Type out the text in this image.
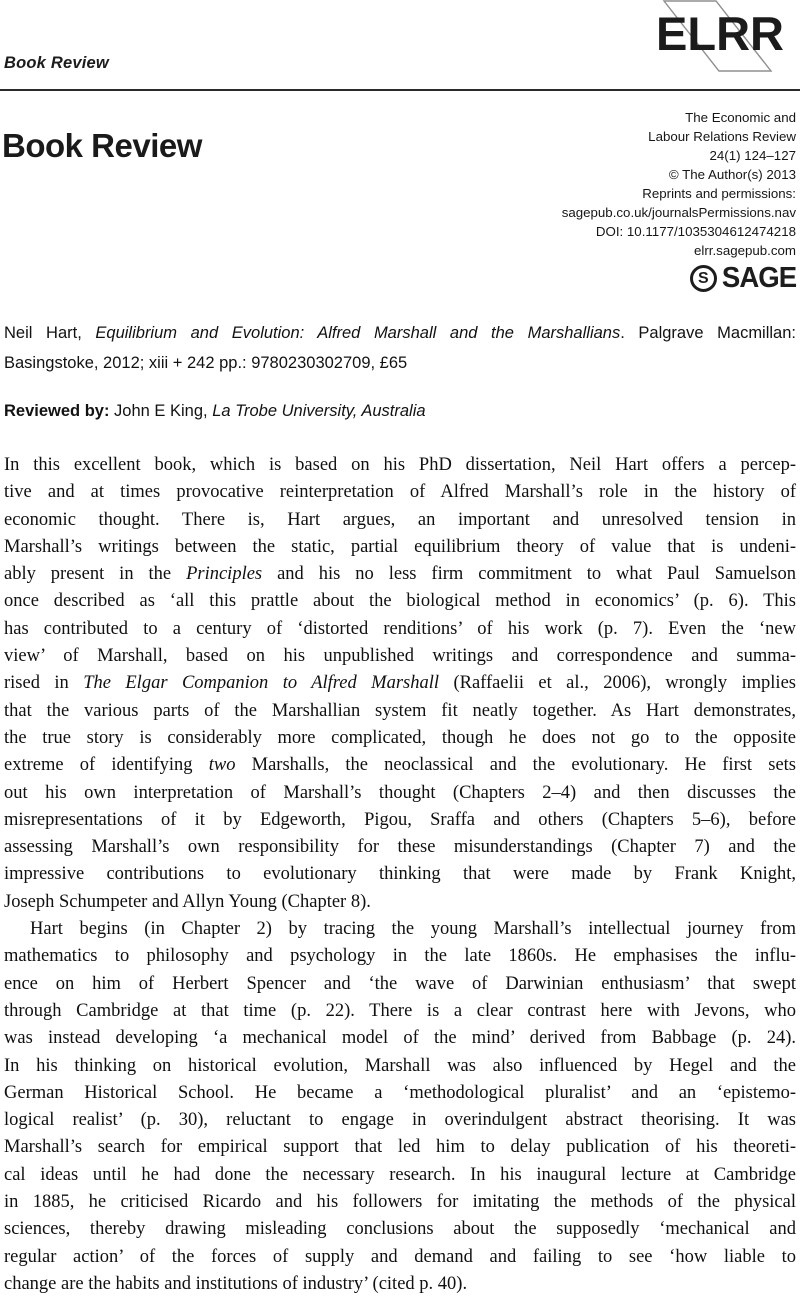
Book Review
ELRR
Book Review
The Economic and
Labour Relations Review
24(1) 124–127
© The Author(s) 2013
Reprints and permissions:
sagepub.co.uk/journalsPermissions.nav
DOI: 10.1177/1035304612474218
elrr.sagepub.com
S SAGE
Neil Hart, Equilibrium and Evolution: Alfred Marshall and the Marshallians. Palgrave Macmillan:
Basingstoke, 2012; xiii + 242 pp.: 9780230302709, £65
Reviewed by: John E King, La Trobe University, Australia
In this excellent book, which is based on his PhD dissertation, Neil Hart offers a percep-
tive and at times provocative reinterpretation of Alfred Marshall’s role in the history of
economic thought. There is, Hart argues, an important and unresolved tension in
Marshall’s writings between the static, partial equilibrium theory of value that is undeni-
ably present in the Principles and his no less firm commitment to what Paul Samuelson
once described as ‘all this prattle about the biological method in economics’ (p. 6). This
has contributed to a century of ‘distorted renditions’ of his work (p. 7). Even the ‘new
view’ of Marshall, based on his unpublished writings and correspondence and summa-
rised in The Elgar Companion to Alfred Marshall (Raffaelii et al., 2006), wrongly implies
that the various parts of the Marshallian system fit neatly together. As Hart demonstrates,
the true story is considerably more complicated, though he does not go to the opposite
extreme of identifying two Marshalls, the neoclassical and the evolutionary. He first sets
out his own interpretation of Marshall’s thought (Chapters 2–4) and then discusses the
misrepresentations of it by Edgeworth, Pigou, Sraffa and others (Chapters 5–6), before
assessing Marshall’s own responsibility for these misunderstandings (Chapter 7) and the
impressive contributions to evolutionary thinking that were made by Frank Knight,
Joseph Schumpeter and Allyn Young (Chapter 8).
Hart begins (in Chapter 2) by tracing the young Marshall’s intellectual journey from
mathematics to philosophy and psychology in the late 1860s. He emphasises the influ-
ence on him of Herbert Spencer and ‘the wave of Darwinian enthusiasm’ that swept
through Cambridge at that time (p. 22). There is a clear contrast here with Jevons, who
was instead developing ‘a mechanical model of the mind’ derived from Babbage (p. 24).
In his thinking on historical evolution, Marshall was also influenced by Hegel and the
German Historical School. He became a ‘methodological pluralist’ and an ‘epistemo-
logical realist’ (p. 30), reluctant to engage in overindulgent abstract theorising. It was
Marshall’s search for empirical support that led him to delay publication of his theoreti-
cal ideas until he had done the necessary research. In his inaugural lecture at Cambridge
in 1885, he criticised Ricardo and his followers for imitating the methods of the physical
sciences, thereby drawing misleading conclusions about the supposedly ‘mechanical and
regular action’ of the forces of supply and demand and failing to see ‘how liable to
change are the habits and institutions of industry’ (cited p. 40).
